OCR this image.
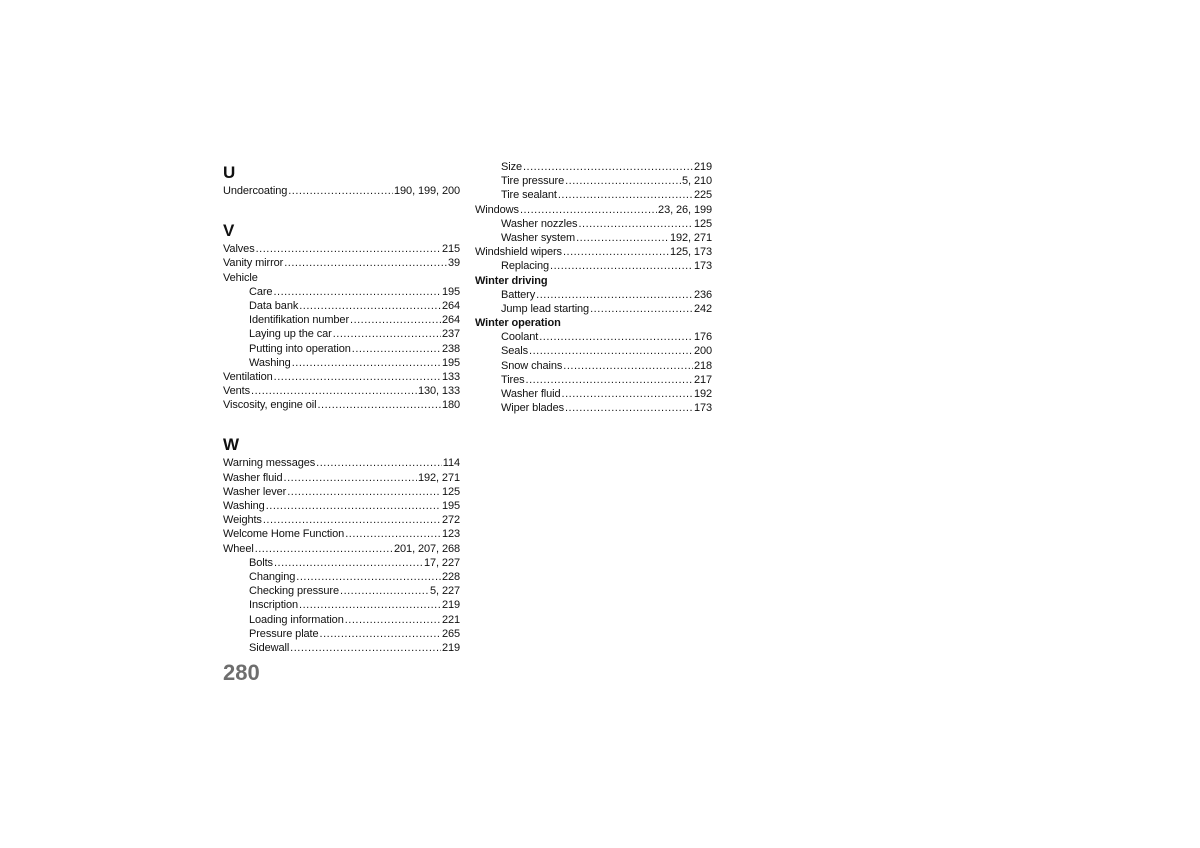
U
Undercoating .....	190, 199, 200
V
Valves .....	215
Vanity mirror .....	39
Vehicle
Care .....	195
Data bank .....	264
Identifikation number .....	264
Laying up the car .....	237
Putting into operation .....	238
Washing .....	195
Ventilation .....	133
Vents .....	130, 133
Viscosity, engine oil .....	180
W
Warning messages .....	114
Washer fluid .....	192, 271
Washer lever .....	125
Washing .....	195
Weights .....	272
Welcome Home Function .....	123
Wheel .....	201, 207, 268
Bolts .....	17, 227
Changing .....	228
Checking pressure .....	5, 227
Inscription .....	219
Loading information .....	221
Pressure plate .....	265
Sidewall .....	219
Size .....	219
Tire pressure .....	5, 210
Tire sealant .....	225
Windows .....	23, 26, 199
Washer nozzles .....	125
Washer system .....	192, 271
Windshield wipers .....	125, 173
Replacing .....	173
Winter driving
Battery .....	236
Jump lead starting .....	242
Winter operation
Coolant .....	176
Seals .....	200
Snow chains .....	218
Tires .....	217
Washer fluid .....	192
Wiper blades .....	173
280
